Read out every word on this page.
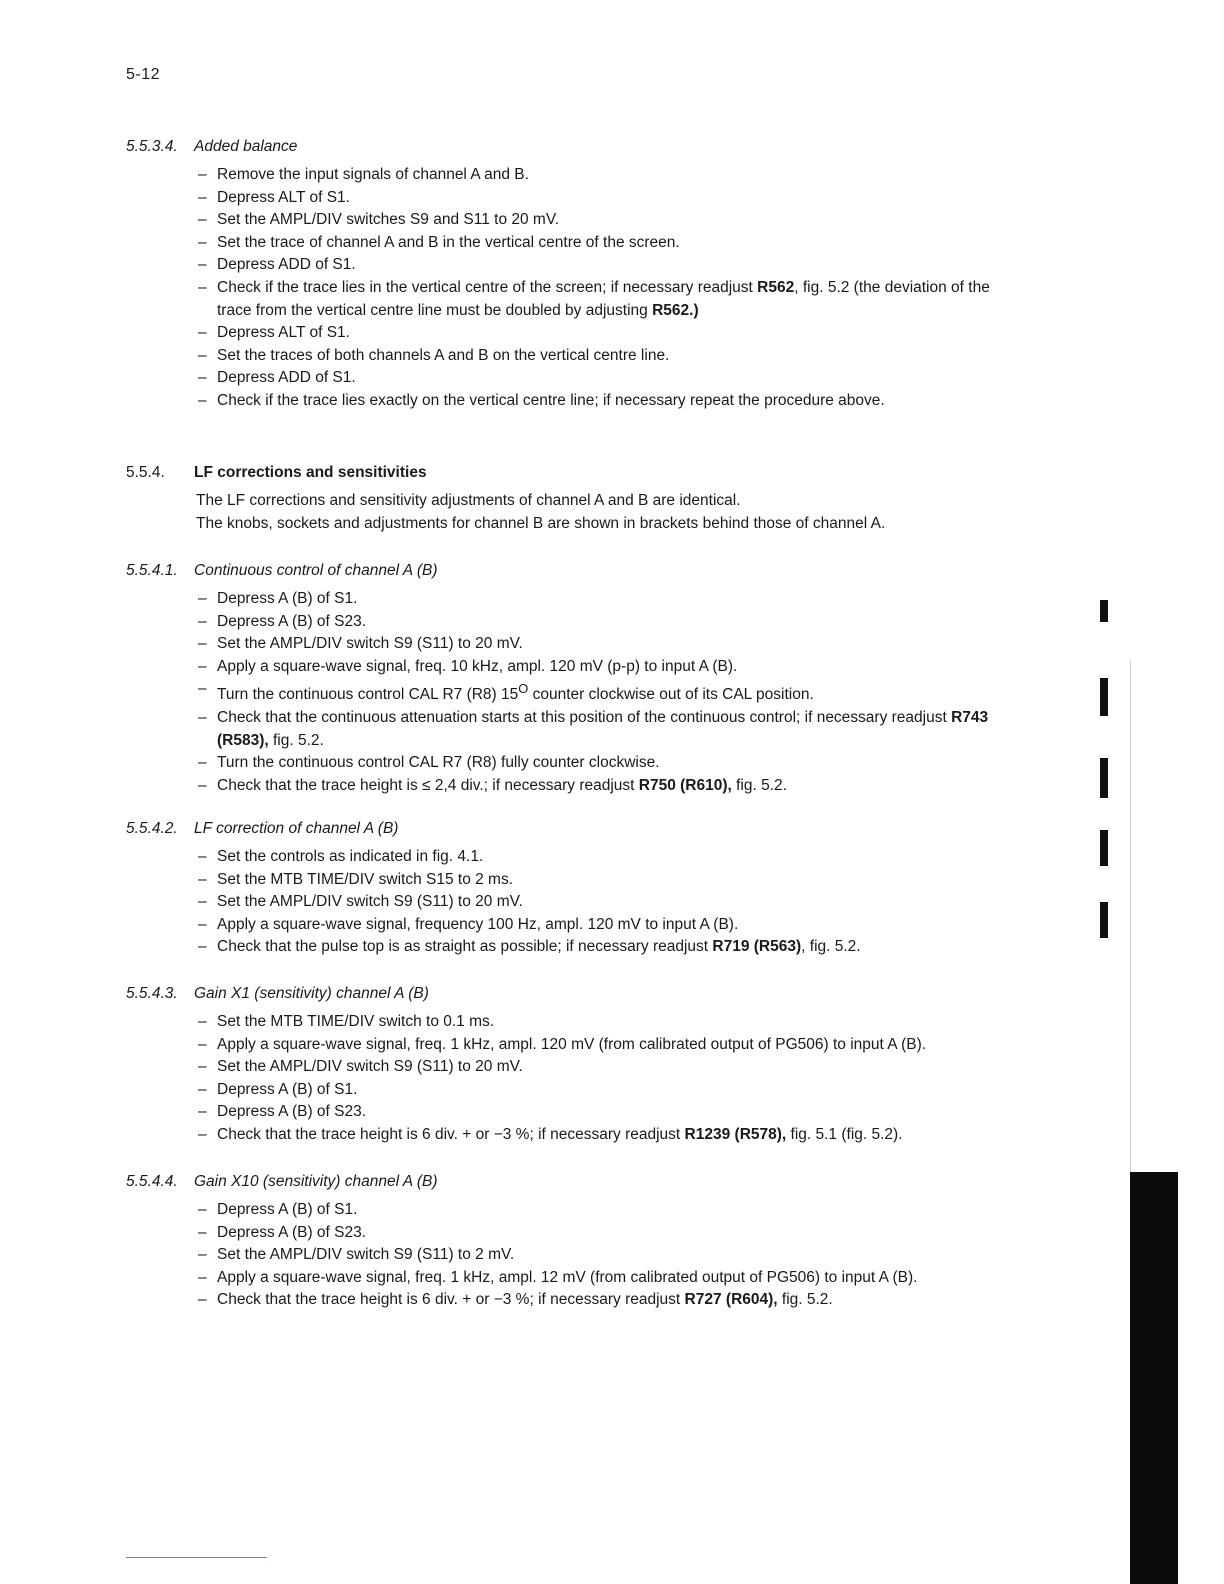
5-12
5.5.3.4.	Added balance
– Remove the input signals of channel A and B.
– Depress ALT of S1.
– Set the AMPL/DIV switches S9 and S11 to 20 mV.
– Set the trace of channel A and B in the vertical centre of the screen.
– Depress ADD of S1.
– Check if the trace lies in the vertical centre of the screen; if necessary readjust R562, fig. 5.2 (the deviation of the trace from the vertical centre line must be doubled by adjusting R562.)
– Depress ALT of S1.
– Set the traces of both channels A and B on the vertical centre line.
– Depress ADD of S1.
– Check if the trace lies exactly on the vertical centre line; if necessary repeat the procedure above.
5.5.4.	LF corrections and sensitivities

The LF corrections and sensitivity adjustments of channel A and B are identical.

The knobs, sockets and adjustments for channel B are shown in brackets behind those of channel A.

5.5.4.1.	Continuous control of channel A (B)
– Depress A (B) of S1.
– Depress A (B) of S23.
– Set the AMPL/DIV switch S9 (S11) to 20 mV.
– Apply a square-wave signal, freq. 10 kHz, ampl. 120 mV (p-p) to input A (B).
– Turn the continuous control CAL R7 (R8) $15^O$ counter clockwise out of its CAL position.
– Check that the continuous attenuation starts at this position of the continuous control; if necessary readjust R743 (R583), fig. 5.2.
– Turn the continuous control CAL R7 (R8) fully counter clockwise.
– Check that the trace height is ≤ 2,4 div.; if necessary readjust R750 (R610), fig. 5.2.
5.5.4.2.	LF correction of channel A (B)
– Set the controls as indicated in fig. 4.1.
– Set the MTB TIME/DIV switch S15 to 2 ms.
– Set the AMPL/DIV switch S9 (S11) to 20 mV.
– Apply a square-wave signal, frequency 100 Hz, ampl. 120 mV to input A (B).
– Check that the pulse top is as straight as possible; if necessary readjust R719 (R563), fig. 5.2.
5.5.4.3.	Gain X1 (sensitivity) channel A (B)
– Set the MTB TIME/DIV switch to 0.1 ms.
– Apply a square-wave signal, freq. 1 kHz, ampl. 120 mV (from calibrated output of PG506) to input A (B).
– Set the AMPL/DIV switch S9 (S11) to 20 mV.
– Depress A (B) of S1.
– Depress A (B) of S23.
– Check that the trace height is 6 div. + or −3 %; if necessary readjust R1239 (R578), fig. 5.1 (fig. 5.2).
5.5.4.4.	Gain X10 (sensitivity) channel A (B)
– Depress A (B) of S1.
– Depress A (B) of S23.
– Set the AMPL/DIV switch S9 (S11) to 2 mV.
– Apply a square-wave signal, freq. 1 kHz, ampl. 12 mV (from calibrated output of PG506) to input A (B).
– Check that the trace height is 6 div. + or −3 %; if necessary readjust R727 (R604), fig. 5.2.
